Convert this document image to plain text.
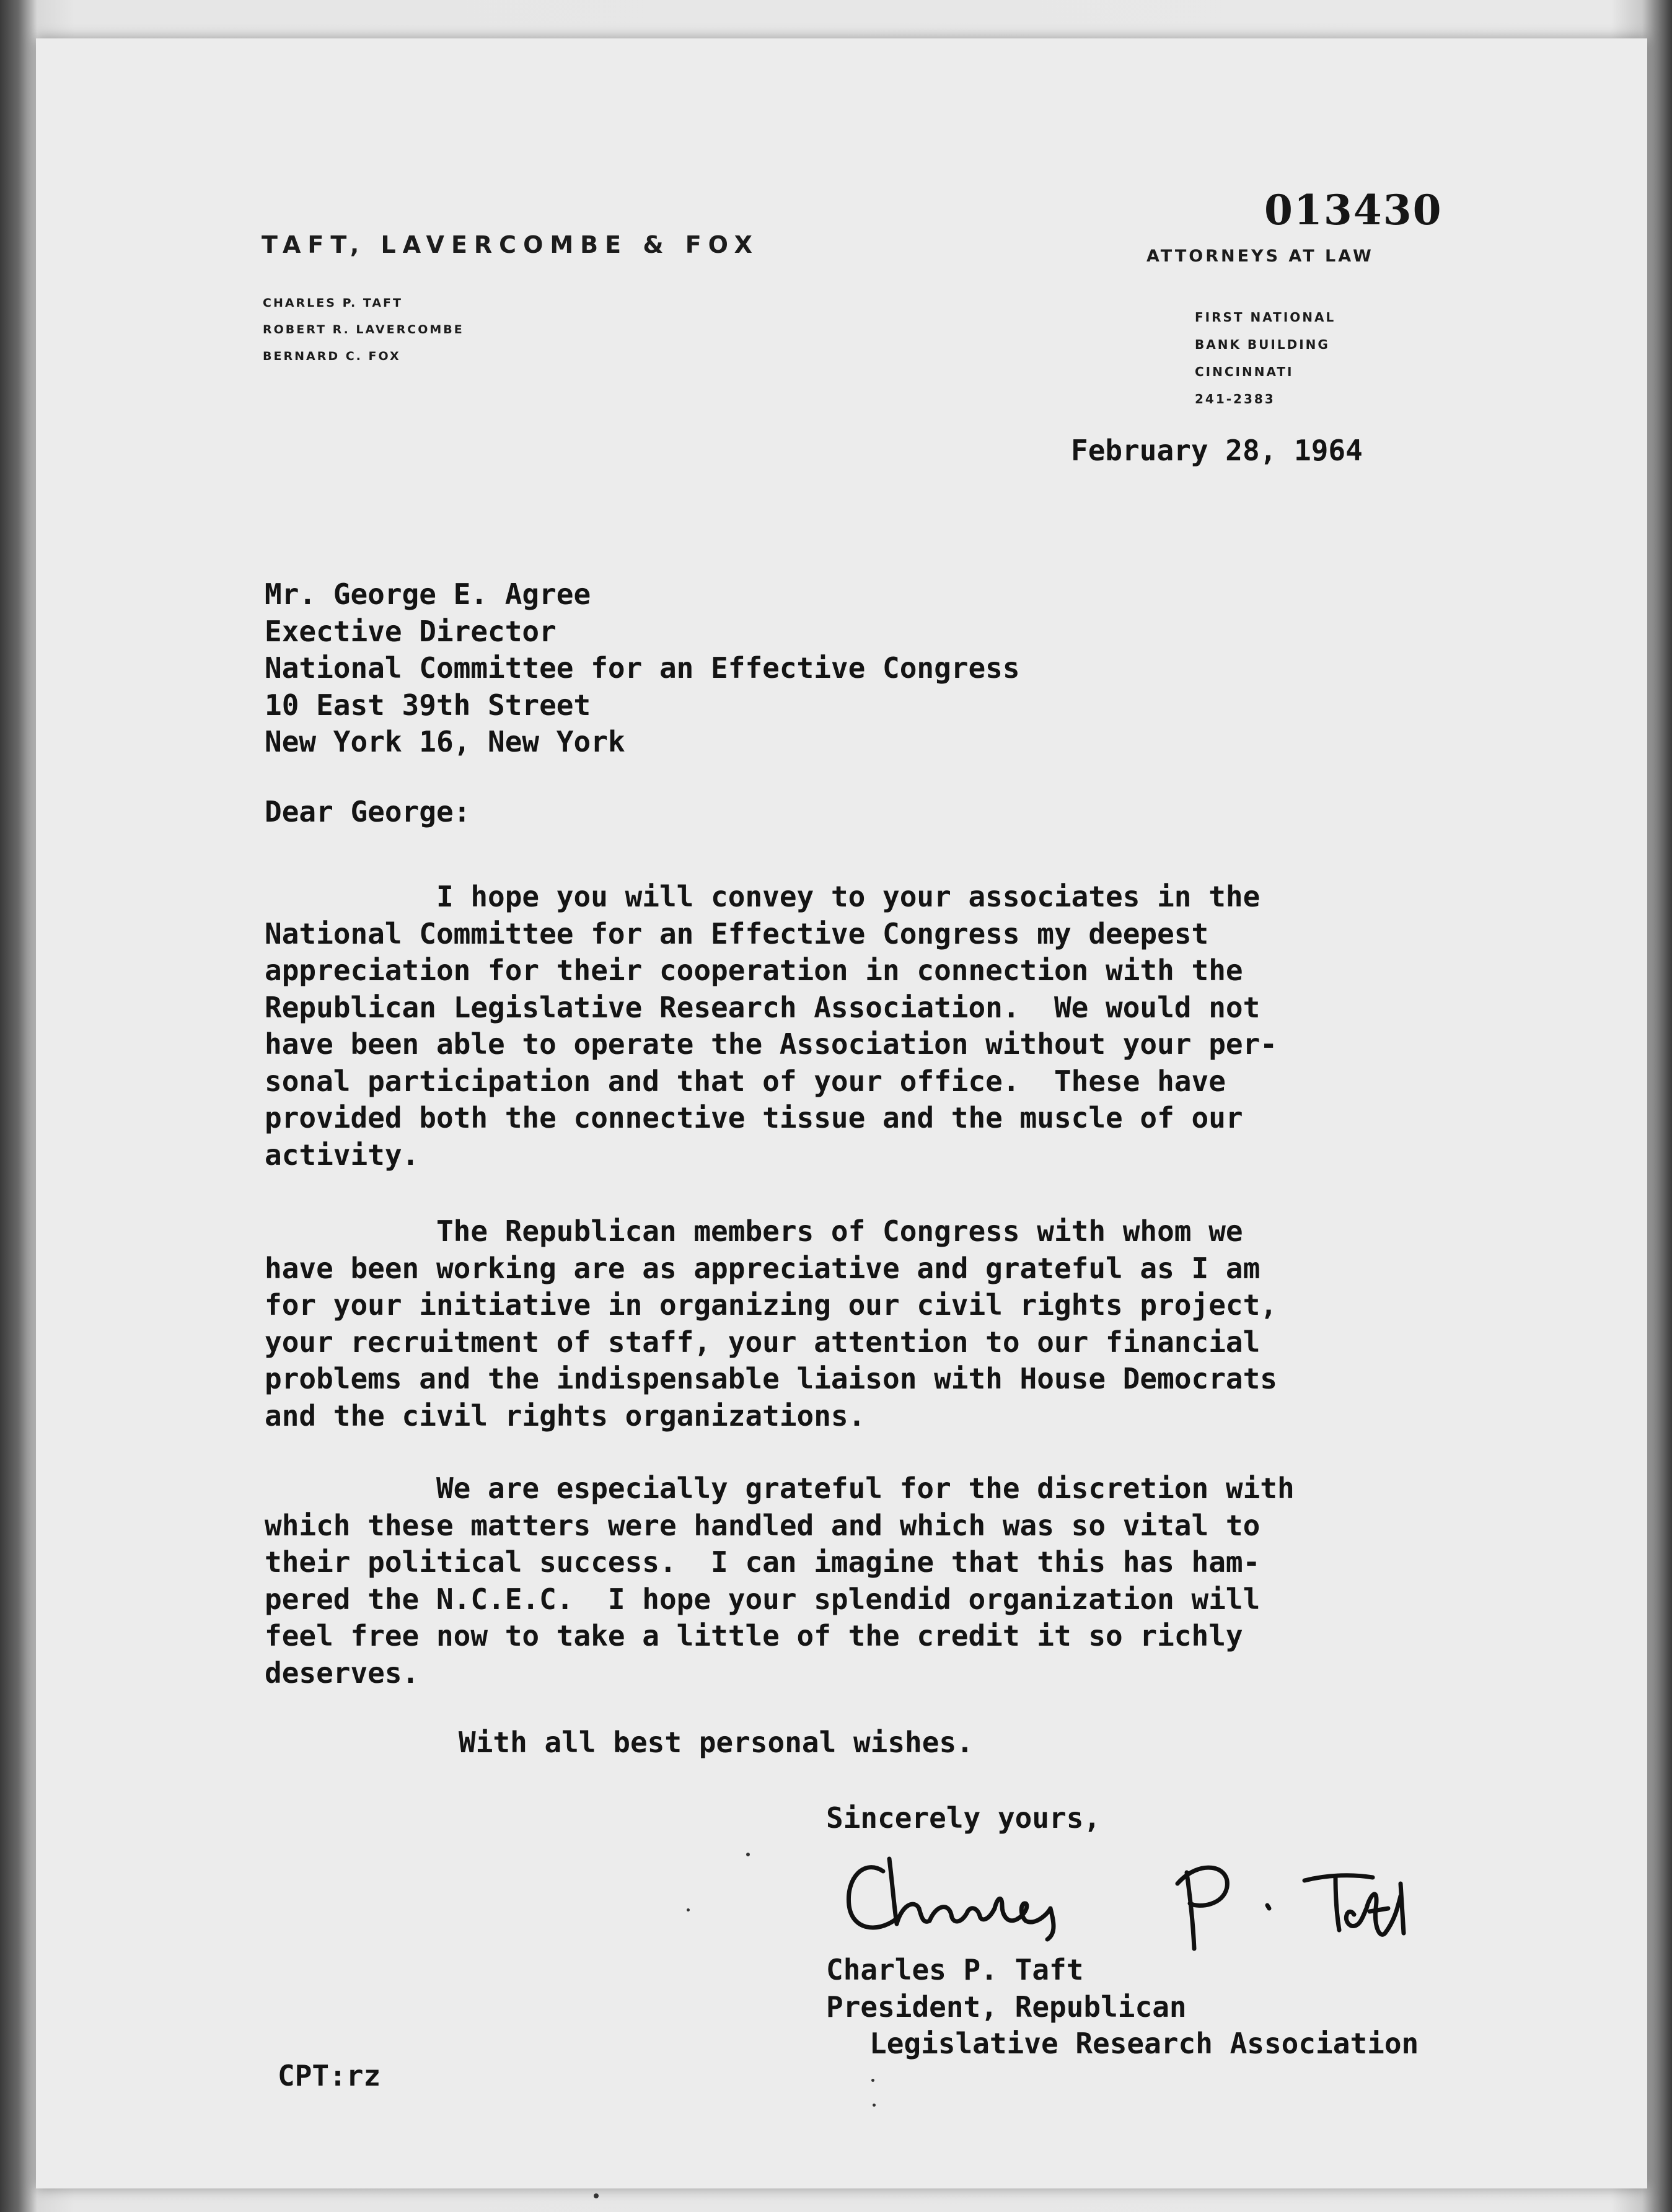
TAFT, LAVERCOMBE & FOX
CHARLES P. TAFT
ROBERT R. LAVERCOMBE
BERNARD C. FOX
013430
ATTORNEYS AT LAW
FIRST NATIONAL
BANK BUILDING
CINCINNATI
241-2383
February 28, 1964
Mr. George E. Agree
Exective Director
National Committee for an Effective Congress
10 East 39th Street
New York 16, New York
Dear George:
I hope you will convey to your associates in the
National Committee for an Effective Congress my deepest
appreciation for their cooperation in connection with the
Republican Legislative Research Association.  We would not
have been able to operate the Association without your per-
sonal participation and that of your office.  These have
provided both the connective tissue and the muscle of our
activity.
The Republican members of Congress with whom we
have been working are as appreciative and grateful as I am
for your initiative in organizing our civil rights project,
your recruitment of staff, your attention to our financial
problems and the indispensable liaison with House Democrats
and the civil rights organizations.
We are especially grateful for the discretion with
which these matters were handled and which was so vital to
their political success.  I can imagine that this has ham-
pered the N.C.E.C.  I hope your splendid organization will
feel free now to take a little of the credit it so richly
deserves.
With all best personal wishes.
Sincerely yours,
Charles P. Taft
President, Republican
Legislative Research Association
CPT:rz
